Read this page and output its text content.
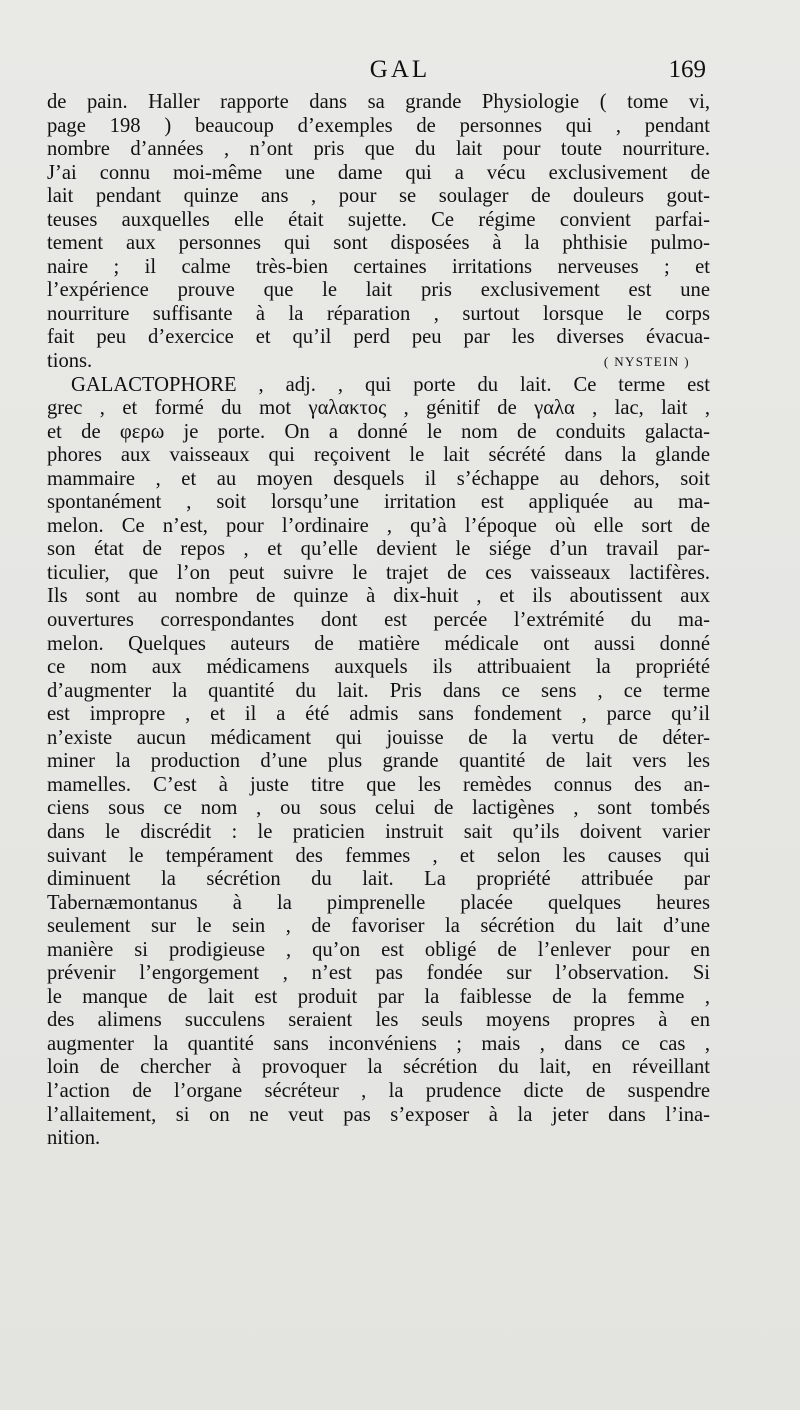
GAL	169
de pain. Haller rapporte dans sa grande Physiologie ( tome vi,
page 198 ) beaucoup d’exemples de personnes qui , pendant
nombre d’années , n’ont pris que du lait pour toute nourriture.
J’ai connu moi-même une dame qui a vécu exclusivement de
lait pendant quinze ans , pour se soulager de douleurs gout-
teuses auxquelles elle était sujette. Ce régime convient parfai-
tement aux personnes qui sont disposées à la phthisie pulmo-
naire ; il calme très-bien certaines irritations nerveuses ; et
l’expérience prouve que le lait pris exclusivement est une
nourriture suffisante à la réparation , surtout lorsque le corps
fait peu d’exercice et qu’il perd peu par les diverses évacua-
tions.	( NYSTEIN )
GALACTOPHORE , adj. , qui porte du lait. Ce terme est
grec , et formé du mot γαλακτος , génitif de γαλα , lac, lait ,
et de φερω je porte. On a donné le nom de conduits galacta-
phores aux vaisseaux qui reçoivent le lait sécrété dans la glande
mammaire , et au moyen desquels il s’échappe au dehors, soit
spontanément , soit lorsqu’une irritation est appliquée au ma-
melon. Ce n’est, pour l’ordinaire , qu’à l’époque où elle sort de
son état de repos , et qu’elle devient le siége d’un travail par-
ticulier, que l’on peut suivre le trajet de ces vaisseaux lactifères.
Ils sont au nombre de quinze à dix-huit , et ils aboutissent aux
ouvertures correspondantes dont est percée l’extrémité du ma-
melon. Quelques auteurs de matière médicale ont aussi donné
ce nom aux médicamens auxquels ils attribuaient la propriété
d’augmenter la quantité du lait. Pris dans ce sens , ce terme
est impropre , et il a été admis sans fondement , parce qu’il
n’existe aucun médicament qui jouisse de la vertu de déter-
miner la production d’une plus grande quantité de lait vers les
mamelles. C’est à juste titre que les remèdes connus des an-
ciens sous ce nom , ou sous celui de lactigènes , sont tombés
dans le discrédit : le praticien instruit sait qu’ils doivent varier
suivant le tempérament des femmes , et selon les causes qui
diminuent la sécrétion du lait. La propriété attribuée par
Tabernæmontanus à la pimprenelle placée quelques heures
seulement sur le sein , de favoriser la sécrétion du lait d’une
manière si prodigieuse , qu’on est obligé de l’enlever pour en
prévenir l’engorgement , n’est pas fondée sur l’observation. Si
le manque de lait est produit par la faiblesse de la femme ,
des alimens succulens seraient les seuls moyens propres à en
augmenter la quantité sans inconvéniens ; mais , dans ce cas ,
loin de chercher à provoquer la sécrétion du lait, en réveillant
l’action de l’organe sécréteur , la prudence dicte de suspendre
l’allaitement, si on ne veut pas s’exposer à la jeter dans l’ina-
nition.
